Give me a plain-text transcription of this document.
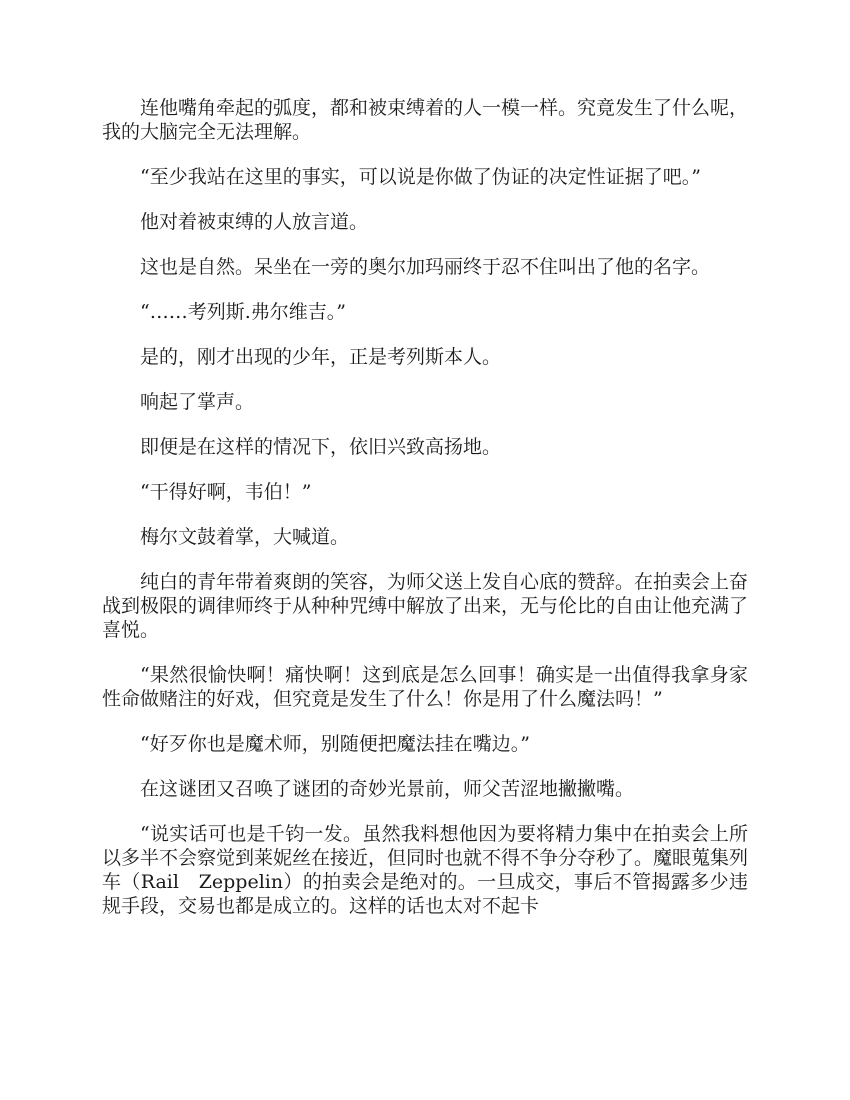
连他嘴角牵起的弧度，都和被束缚着的人一模一样。究竟发生了什么呢，我的大脑完全无法理解。

“至少我站在这里的事实，可以说是你做了伪证的决定性证据了吧。”

他对着被束缚的人放言道。

这也是自然。呆坐在一旁的奥尔加玛丽终于忍不住叫出了他的名字。

“……考列斯.弗尔维吉。”

是的，刚才出现的少年，正是考列斯本人。

响起了掌声。

即便是在这样的情况下，依旧兴致高扬地。

“干得好啊，韦伯！”

梅尔文鼓着掌，大喊道。

纯白的青年带着爽朗的笑容，为师父送上发自心底的赞辞。在拍卖会上奋战到极限的调律师终于从种种咒缚中解放了出来，无与伦比的自由让他充满了喜悦。

“果然很愉快啊！痛快啊！这到底是怎么回事！确实是一出值得我拿身家性命做赌注的好戏，但究竟是发生了什么！你是用了什么魔法吗！”

“好歹你也是魔术师，别随便把魔法挂在嘴边。”

在这谜团又召唤了谜团的奇妙光景前，师父苦涩地撇撇嘴。

“说实话可也是千钧一发。虽然我料想他因为要将精力集中在拍卖会上所以多半不会察觉到莱妮丝在接近，但同时也就不得不争分夺秒了。魔眼蒐集列车（Rail　Zeppelin）的拍卖会是绝对的。一旦成交，事后不管揭露多少违规手段，交易也都是成立的。这样的话也太对不起卡
